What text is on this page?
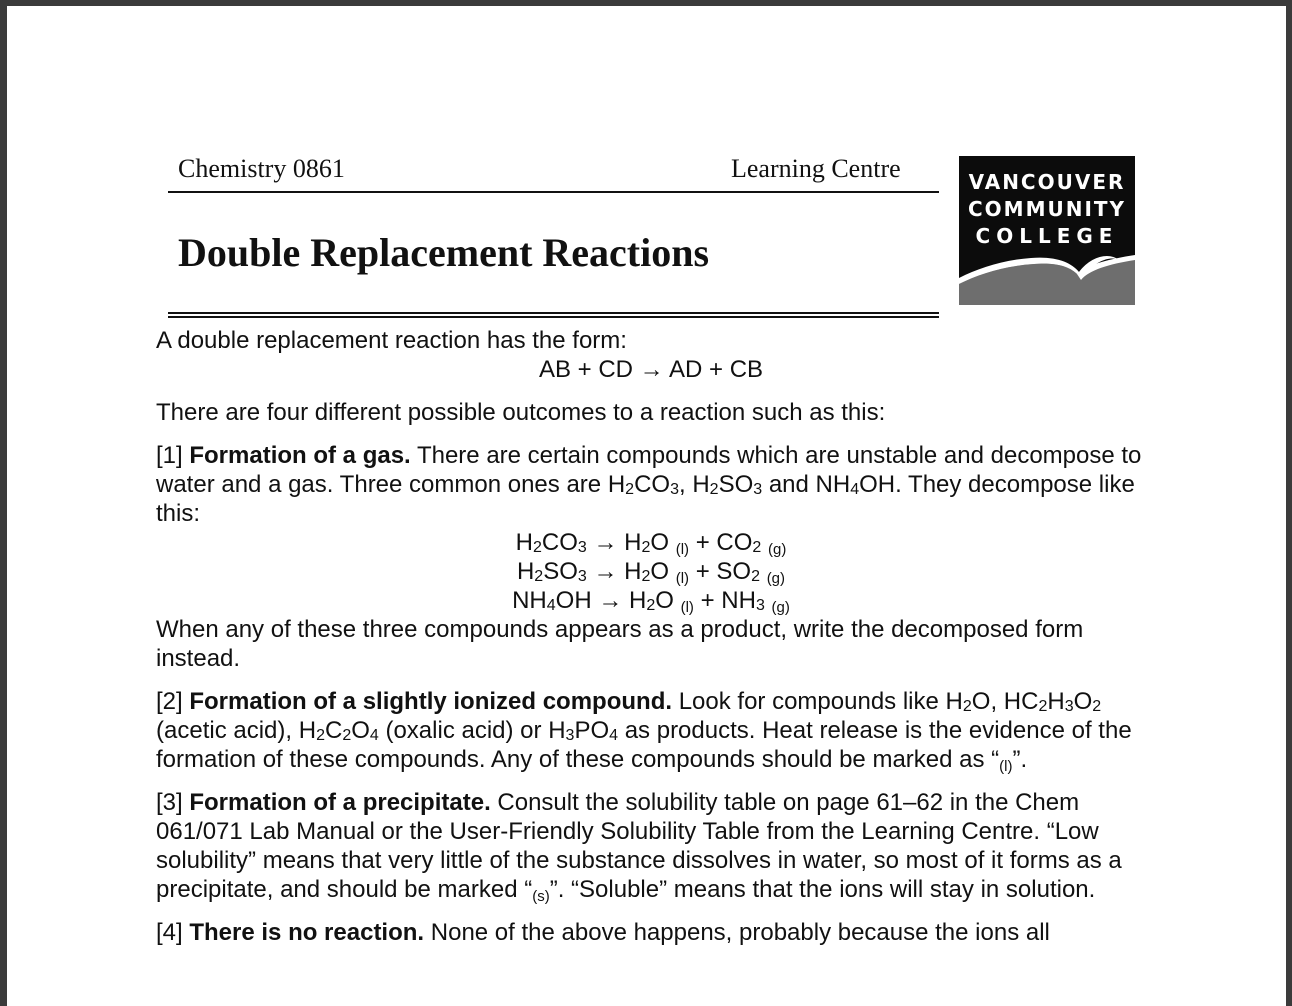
Chemistry 0861	Learning Centre
Double Replacement Reactions
VANCOUVER
COMMUNITY
COLLEGE

A double replacement reaction has the form:

AB + CD → AD + CB

There are four different possible outcomes to a reaction such as this:

[1] Formation of a gas. There are certain compounds which are unstable and decompose to water and a gas. Three common ones are $H_2CO_3$, $H_2SO_3$ and $NH_4OH$. They decompose like this:

$H_2CO_3 \to H_2O$ $_{(l)} + CO_2$ $_{(g)}$
$H_2SO_3 \to H_2O$ $_{(l)} + SO_2$ $_{(g)}$
$NH_4OH \to H_2O$ $_{(l)} + NH_3$ $_{(g)}$

When any of these three compounds appears as a product, write the decomposed form instead.

[2] Formation of a slightly ionized compound. Look for compounds like $H_2O$, $HC_2H_3O_2$ (acetic acid), $H_2C_2O_4$ (oxalic acid) or $H_3PO_4$ as products. Heat release is the evidence of the formation of these compounds. Any of these compounds should be marked as “$_{(l)}$”.

[3] Formation of a precipitate. Consult the solubility table on page 61–62 in the Chem 061/071 Lab Manual or the User-Friendly Solubility Table from the Learning Centre. “Low solubility” means that very little of the substance dissolves in water, so most of it forms as a precipitate, and should be marked “$_{(s)}$”. “Soluble” means that the ions will stay in solution.

[4] There is no reaction. None of the above happens, probably because the ions all
